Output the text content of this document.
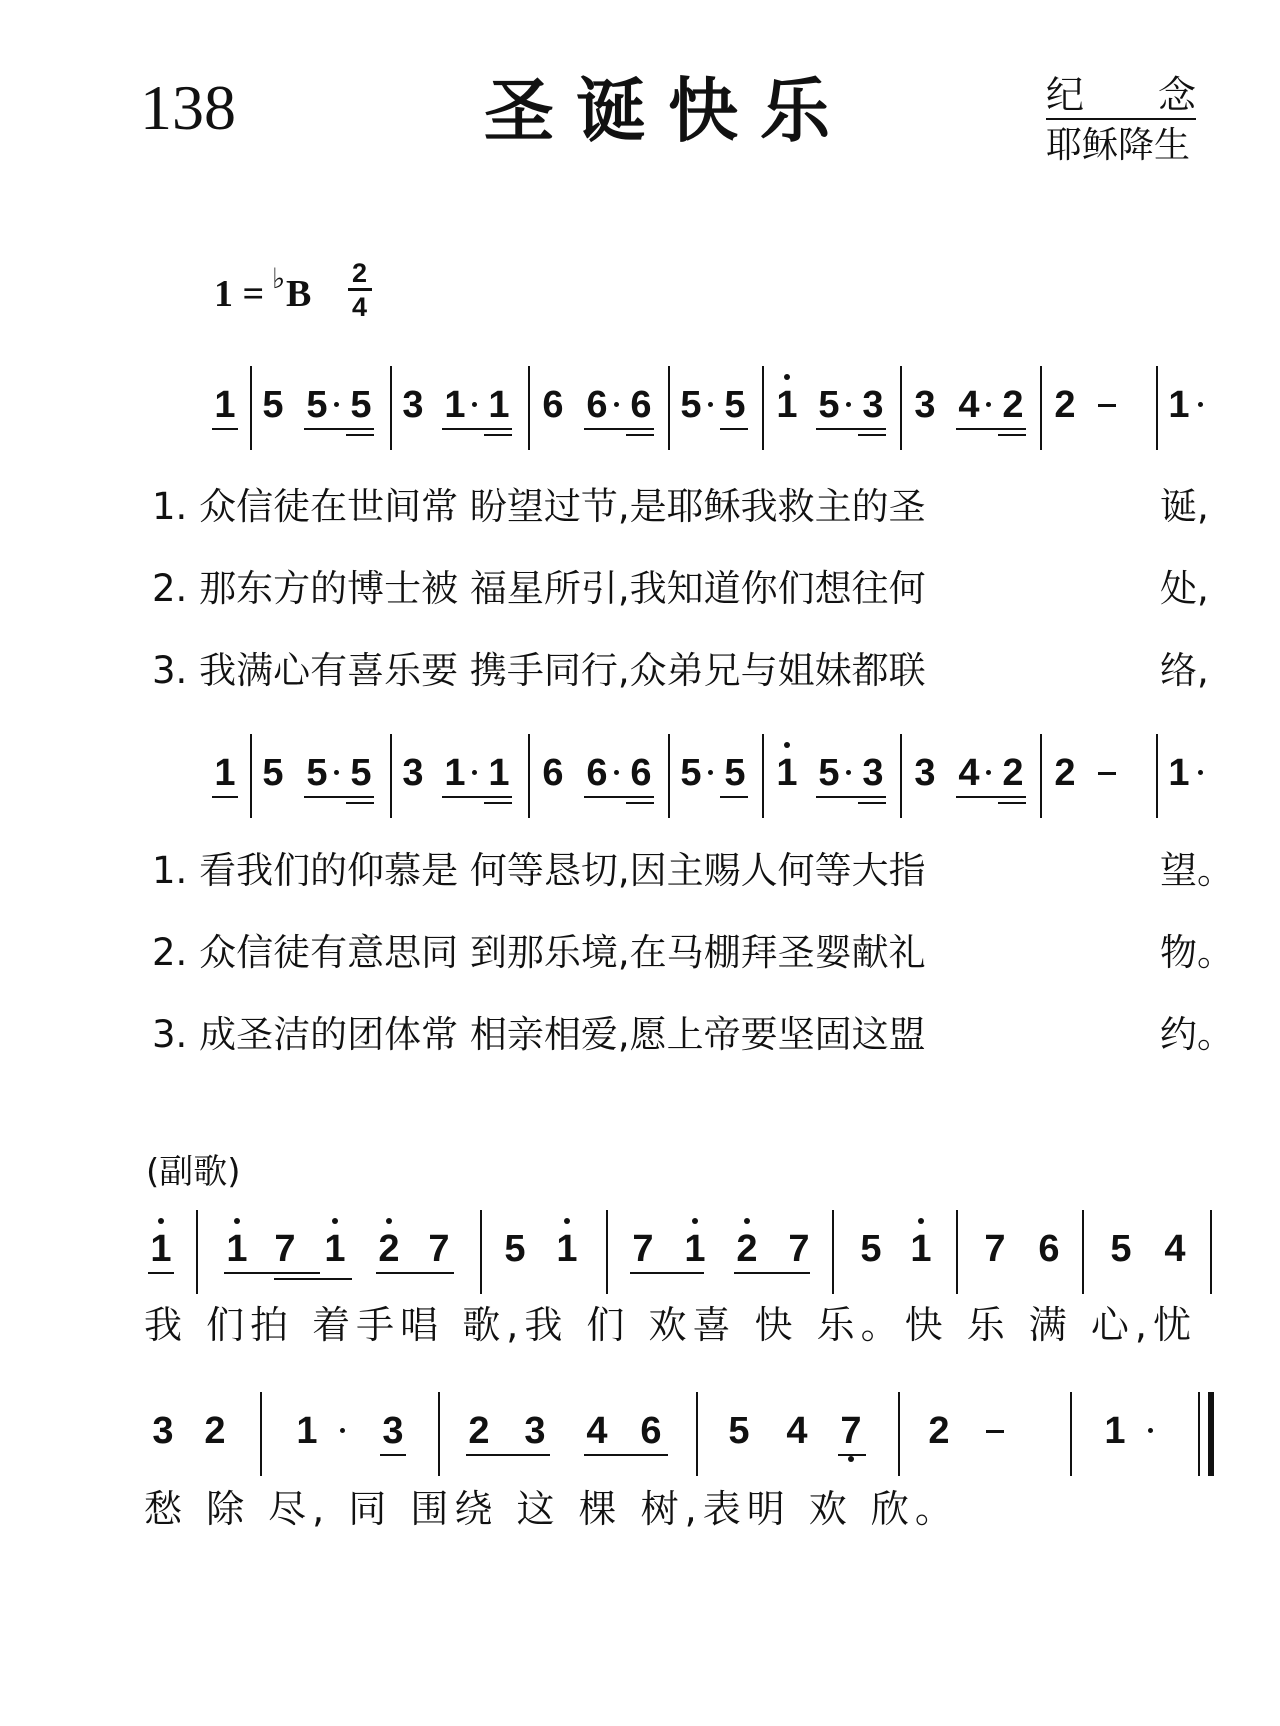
138	圣诞快乐	纪 念
耶稣降生
1 = ♭ B 2
4
1 5 5 5 3 1 1 6 6 6 5 5 1 5 3 3 4 2 2 1
1 5 5 5 3 1 1 6 6 6 5 5 1 5 3 3 4 2 2 1
1. 众信徒在世间常 盼望过节,是耶稣我救主的圣	诞,
2. 那东方的博士被 福星所引,我知道你们想往何	处,
3. 我满心有喜乐要 携手同行,众弟兄与姐妹都联	络,
1. 看我们的仰慕是 何等恳切,因主赐人何等大指	望。
2. 众信徒有意思同 到那乐境,在马棚拜圣婴献礼	物。
3. 成圣洁的团体常 相亲相爱,愿上帝要坚固这盟	约。
(副歌)
1 1 7 1 2 7 5 1 7 1 2 7 5 1 7 6 5 4
我 们拍 着手唱 歌,我 们 欢喜 快 乐。快 乐 满 心,忧
3 2 1 3 2 3 4 6 5 4 7 2	1
愁 除 尽, 同 围绕 这 棵 树,表明 欢 欣。
